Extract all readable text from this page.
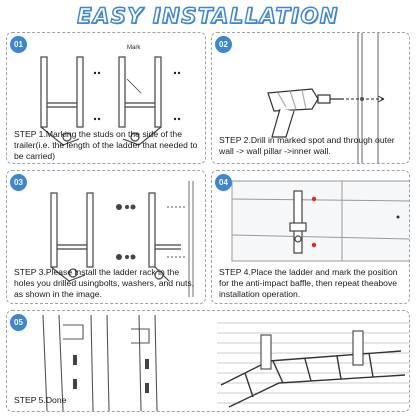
EASY INSTALLATION
01	Mark
STEP 1.Marking the studs on the side of the trailer(i.e. the length of the ladder that needed to be carried)
02
STEP 2.Drill in marked spot and through outer wall -> wall pillar ->inner wall.
03
STEP 3.Please install the ladder rack in the holes you drilled usingbolts, washers, and nuts, as shown in the image.
04
STEP 4.Place the ladder and mark the position for the anti-impact baffle, then repeat theabove installation operation.
05
STEP 5.Done
